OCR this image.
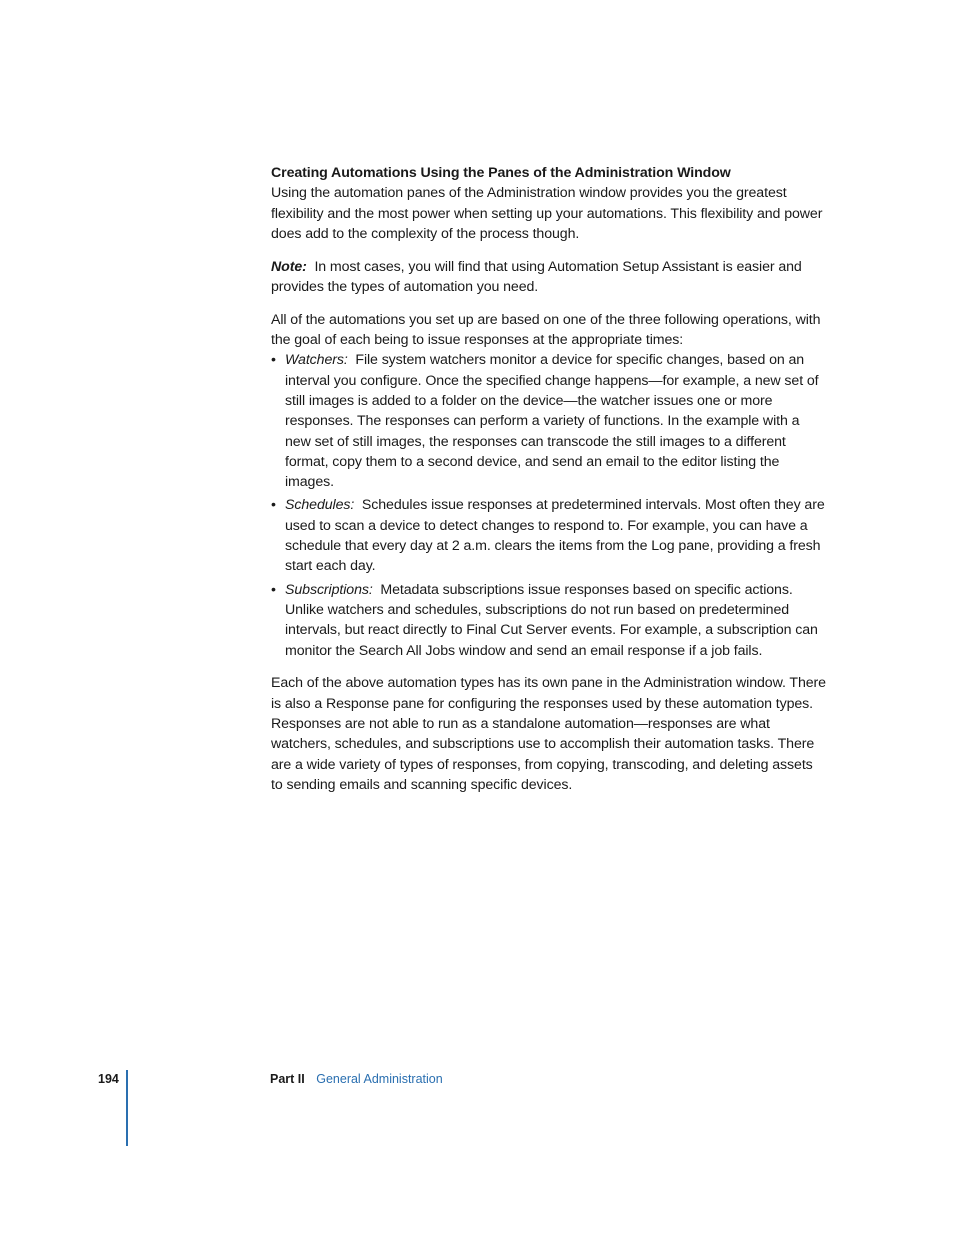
Creating Automations Using the Panes of the Administration Window

Using the automation panes of the Administration window provides you the greatest flexibility and the most power when setting up your automations. This flexibility and power does add to the complexity of the process though.

Note: In most cases, you will find that using Automation Setup Assistant is easier and provides the types of automation you need.

All of the automations you set up are based on one of the three following operations, with the goal of each being to issue responses at the appropriate times:

• Watchers: File system watchers monitor a device for specific changes, based on an interval you configure. Once the specified change happens—for example, a new set of still images is added to a folder on the device—the watcher issues one or more responses. The responses can perform a variety of functions. In the example with a new set of still images, the responses can transcode the still images to a different format, copy them to a second device, and send an email to the editor listing the images.
• Schedules: Schedules issue responses at predetermined intervals. Most often they are used to scan a device to detect changes to respond to. For example, you can have a schedule that every day at 2 a.m. clears the items from the Log pane, providing a fresh start each day.
• Subscriptions: Metadata subscriptions issue responses based on specific actions. Unlike watchers and schedules, subscriptions do not run based on predetermined intervals, but react directly to Final Cut Server events. For example, a subscription can monitor the Search All Jobs window and send an email response if a job fails.

Each of the above automation types has its own pane in the Administration window. There is also a Response pane for configuring the responses used by these automation types. Responses are not able to run as a standalone automation—responses are what watchers, schedules, and subscriptions use to accomplish their automation tasks. There are a wide variety of types of responses, from copying, transcoding, and deleting assets to sending emails and scanning specific devices.

194	Part II General Administration
